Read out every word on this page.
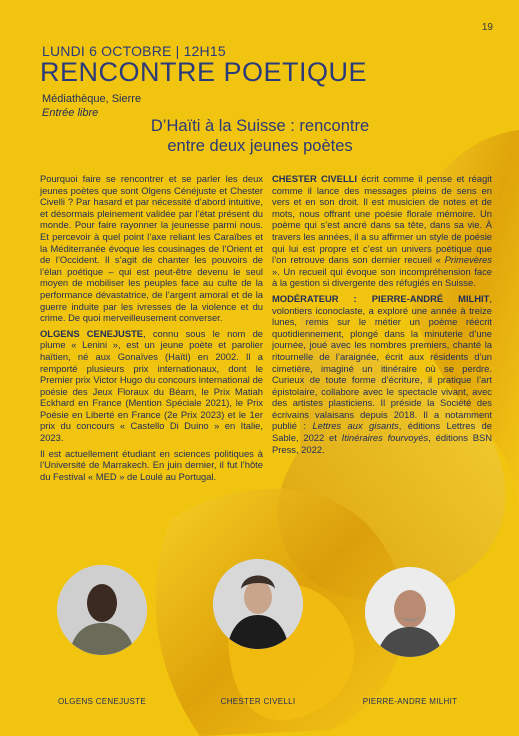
19
LUNDI 6 OCTOBRE | 12H15
RENCONTRE POETIQUE
Médiathèque, Sierre
Entrée libre
D’Haïti à la Suisse : rencontre
entre deux jeunes poètes

Pourquoi faire se rencontrer et se parler les deux jeunes poètes que sont Olgens Cénéjuste et Chester Civelli ? Par hasard et par nécessité d’abord intuitive, et désormais pleinement validée par l’état présent du monde. Pour faire rayonner la jeunesse parmi nous. Et percevoir à quel point l’axe reliant les Caraïbes et la Méditerranée évoque les cousinages de l’Orient et de l’Occident. Il s’agit de chanter les pouvoirs de l’élan poétique – qui est peut-être devenu le seul moyen de mobiliser les peuples face au culte de la performance dévastatrice, de l’argent amoral et de la guerre induite par les ivresses de la violence et du crime. De quoi merveilleusement converser.

OLGENS CENEJUSTE, connu sous le nom de plume « Lenini », est un jeune poète et parolier haïtien, né aux Gonaïves (Haïti) en 2002. Il a remporté plusieurs prix internationaux, dont le Premier prix Victor Hugo du concours international de poésie des Jeux Floraux du Béarn, le Prix Matiah Eckhard en France (Mention Spéciale 2021), le Prix Poésie en Liberté en France (2e Prix 2023) et le 1er prix du concours « Castello Di Duino » en Italie, 2023.

Il est actuellement étudiant en sciences politiques à l’Université de Marrakech. En juin dernier, il fut l’hôte du Festival « MED » de Loulé au Portugal.

CHESTER CIVELLI écrit comme il pense et réagit comme il lance des messages pleins de sens en vers et en son droit. Il est musicien de notes et de mots, nous offrant une poésie florale mémoire. Un poème qui s’est ancré dans sa tête, dans sa vie. À travers les années, il a su affirmer un style de poésie qui lui est propre et c’est un univers poétique que l’on retrouve dans son dernier recueil « Primevères ». Un recueil qui évoque son incompréhension face à la gestion si divergente des réfugiés en Suisse.

MODÉRATEUR : PIERRE-ANDRÉ MILHIT, volontiers iconoclaste, a exploré une année à treize lunes, remis sur le métier un poème réécrit quotidiennement, plongé dans la minuterie d’une journée, joué avec les nombres premiers, chanté la ritournelle de l’araignée, écrit aux résidents d’un cimetière, imaginé un itinéraire où se perdre. Curieux de toute forme d’écriture, il pratique l’art épistolaire, collabore avec le spectacle vivant, avec des artistes plasticiens. Il préside la Société des écrivains valaisans depuis 2018. Il a notamment publié : Lettres aux gisants, éditions Lettres de Sable, 2022 et Itinéraires fourvoyés, éditions BSN Press, 2022.

OLGENS CENEJUSTE	CHESTER CIVELLI	PIERRE-ANDRE MILHIT
